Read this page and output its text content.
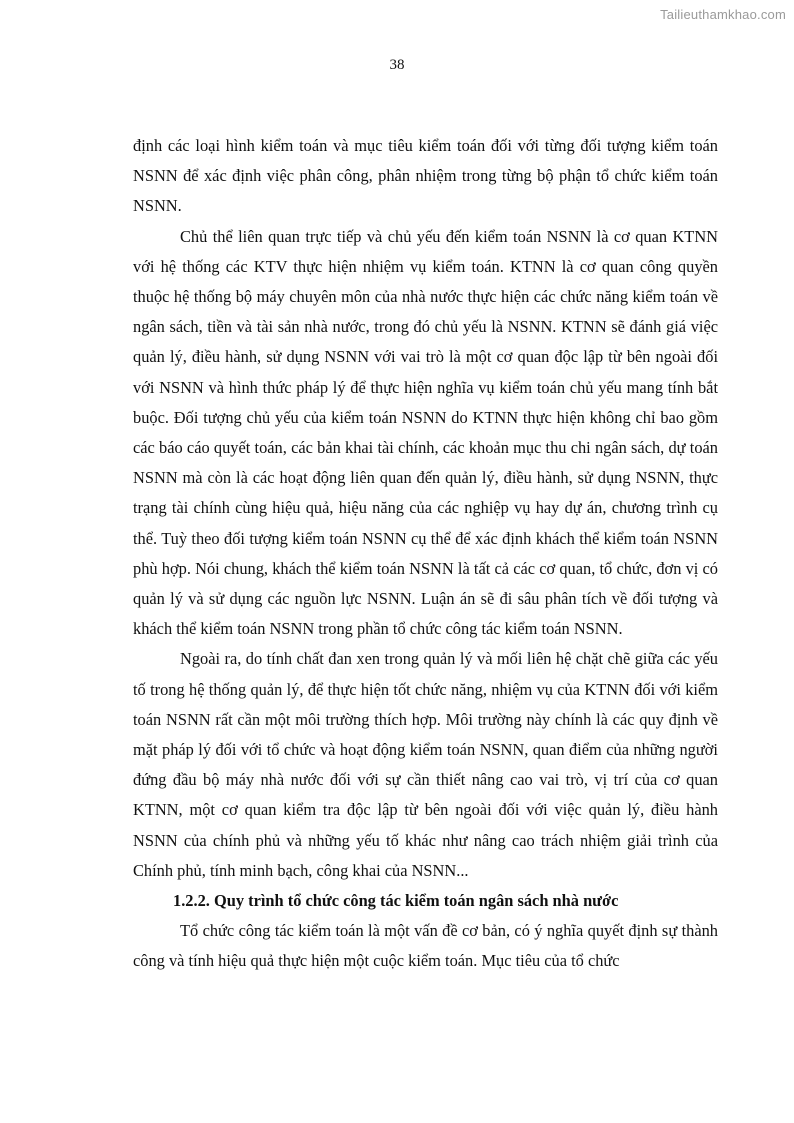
Tailieuthamkhao.com
38

định các loại hình kiểm toán và mục tiêu kiểm toán đối với từng đối tượng kiểm toán NSNN để xác định việc phân công, phân nhiệm trong từng bộ phận tổ chức kiểm toán NSNN.

Chủ thể liên quan trực tiếp và chủ yếu đến kiểm toán NSNN là cơ quan KTNN với hệ thống các KTV thực hiện nhiệm vụ kiểm toán. KTNN là cơ quan công quyền thuộc hệ thống bộ máy chuyên môn của nhà nước thực hiện các chức năng kiểm toán về ngân sách, tiền và tài sản nhà nước, trong đó chủ yếu là NSNN. KTNN sẽ đánh giá việc quản lý, điều hành, sử dụng NSNN với vai trò là một cơ quan độc lập từ bên ngoài đối với NSNN và hình thức pháp lý để thực hiện nghĩa vụ kiểm toán chủ yếu mang tính bắt buộc. Đối tượng chủ yếu của kiểm toán NSNN do KTNN thực hiện không chỉ bao gồm các báo cáo quyết toán, các bản khai tài chính, các khoản mục thu chi ngân sách, dự toán NSNN mà còn là các hoạt động liên quan đến quản lý, điều hành, sử dụng NSNN, thực trạng tài chính cùng hiệu quả, hiệu năng của các nghiệp vụ hay dự án, chương trình cụ thể. Tuỳ theo đối tượng kiểm toán NSNN cụ thể để xác định khách thể kiểm toán NSNN phù hợp. Nói chung, khách thể kiểm toán NSNN là tất cả các cơ quan, tổ chức, đơn vị có quản lý và sử dụng các nguồn lực NSNN. Luận án sẽ đi sâu phân tích về đối tượng và khách thể kiểm toán NSNN trong phần tổ chức công tác kiểm toán NSNN.

Ngoài ra, do tính chất đan xen trong quản lý và mối liên hệ chặt chẽ giữa các yếu tố trong hệ thống quản lý, để thực hiện tốt chức năng, nhiệm vụ của KTNN đối với kiểm toán NSNN rất cần một môi trường thích hợp. Môi trường này chính là các quy định về mặt pháp lý đối với tổ chức và hoạt động kiểm toán NSNN, quan điểm của những người đứng đầu bộ máy nhà nước đối với sự cần thiết nâng cao vai trò, vị trí của cơ quan KTNN, một cơ quan kiểm tra độc lập từ bên ngoài đối với việc quản lý, điều hành NSNN của chính phủ và những yếu tố khác như nâng cao trách nhiệm giải trình của Chính phủ, tính minh bạch, công khai của NSNN...

1.2.2. Quy trình tổ chức công tác kiểm toán ngân sách nhà nước

Tổ chức công tác kiểm toán là một vấn đề cơ bản, có ý nghĩa quyết định sự thành công và tính hiệu quả thực hiện một cuộc kiểm toán. Mục tiêu của tổ chức
